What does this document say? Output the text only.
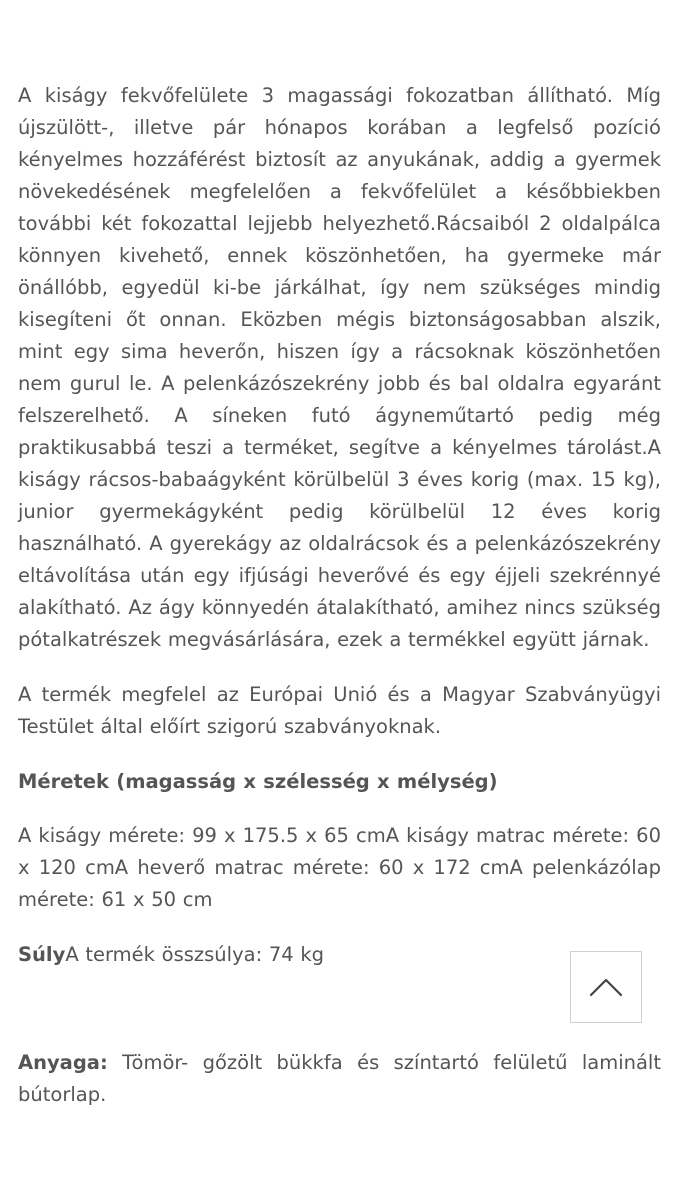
A kiságy fekvőfelülete 3 magassági fokozatban állítható. Míg újszülött-, illetve pár hónapos korában a legfelső pozíció kényelmes hozzáférést biztosít az anyukának, addig a gyermek növekedésének megfelelően a fekvőfelület a későbbiekben további két fokozattal lejjebb helyezhető.Rácsaiból 2 oldalpálca könnyen kivehető, ennek köszönhetően, ha gyermeke már önállóbb, egyedül ki-be járkálhat, így nem szükséges mindig kisegíteni őt onnan. Eközben mégis biztonságosabban alszik, mint egy sima heverőn, hiszen így a rácsoknak köszönhetően nem gurul le. A pelenkázószekrény jobb és bal oldalra egyaránt felszerelhető. A síneken futó ágyneműtartó pedig még praktikusabbá teszi a terméket, segítve a kényelmes tárolást.A kiságy rácsos-babaágyként körülbelül 3 éves korig (max. 15 kg), junior gyermekágyként pedig körülbelül 12 éves korig használható. A gyerekágy az oldalrácsok és a pelenkázószekrény eltávolítása után egy ifjúsági heverővé és egy éjjeli szekrénnyé alakítható. Az ágy könnyedén átalakítható, amihez nincs szükség pótalkatrészek megvásárlására, ezek a termékkel együtt járnak.

A termék megfelel az Európai Unió és a Magyar Szabványügyi Testület által előírt szigorú szabványoknak.

Méretek (magasság x szélesség x mélység)

A kiságy mérete: 99 x 175.5 x 65 cmA kiságy matrac mérete: 60 x 120 cmA heverő matrac mérete: 60 x 172 cmA pelenkázólap mérete: 61 x 50 cm

SúlyA termék összsúlya: 74 kg

Anyaga: Tömör- gőzölt bükkfa és színtartó felületű laminált bútorlap.
